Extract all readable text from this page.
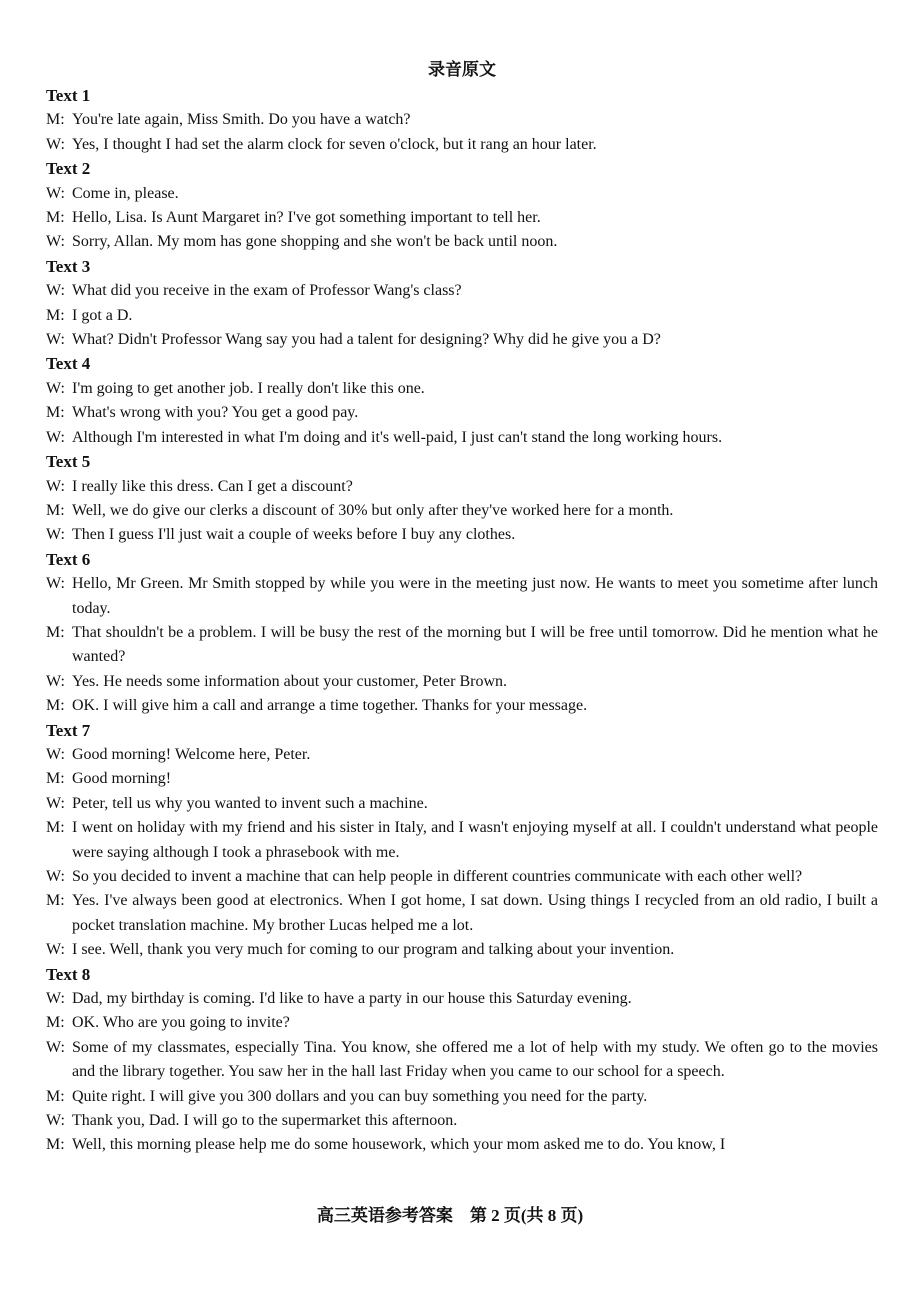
录音原文
Text 1
M: You're late again, Miss Smith. Do you have a watch?
W: Yes, I thought I had set the alarm clock for seven o'clock, but it rang an hour later.
Text 2
W: Come in, please.
M: Hello, Lisa. Is Aunt Margaret in? I've got something important to tell her.
W: Sorry, Allan. My mom has gone shopping and she won't be back until noon.
Text 3
W: What did you receive in the exam of Professor Wang's class?
M: I got a D.
W: What? Didn't Professor Wang say you had a talent for designing? Why did he give you a D?
Text 4
W: I'm going to get another job. I really don't like this one.
M: What's wrong with you? You get a good pay.
W: Although I'm interested in what I'm doing and it's well-paid, I just can't stand the long working hours.
Text 5
W: I really like this dress. Can I get a discount?
M: Well, we do give our clerks a discount of 30% but only after they've worked here for a month.
W: Then I guess I'll just wait a couple of weeks before I buy any clothes.
Text 6
W: Hello, Mr Green. Mr Smith stopped by while you were in the meeting just now. He wants to meet you sometime after lunch today.
M: That shouldn't be a problem. I will be busy the rest of the morning but I will be free until tomorrow. Did he mention what he wanted?
W: Yes. He needs some information about your customer, Peter Brown.
M: OK. I will give him a call and arrange a time together. Thanks for your message.
Text 7
W: Good morning! Welcome here, Peter.
M: Good morning!
W: Peter, tell us why you wanted to invent such a machine.
M: I went on holiday with my friend and his sister in Italy, and I wasn't enjoying myself at all. I couldn't understand what people were saying although I took a phrasebook with me.
W: So you decided to invent a machine that can help people in different countries communicate with each other well?
M: Yes. I've always been good at electronics. When I got home, I sat down. Using things I recycled from an old radio, I built a pocket translation machine. My brother Lucas helped me a lot.
W: I see. Well, thank you very much for coming to our program and talking about your invention.
Text 8
W: Dad, my birthday is coming. I'd like to have a party in our house this Saturday evening.
M: OK. Who are you going to invite?
W: Some of my classmates, especially Tina. You know, she offered me a lot of help with my study. We often go to the movies and the library together. You saw her in the hall last Friday when you came to our school for a speech.
M: Quite right. I will give you 300 dollars and you can buy something you need for the party.
W: Thank you, Dad. I will go to the supermarket this afternoon.
M: Well, this morning please help me do some housework, which your mom asked me to do. You know, I
高三英语参考答案　第 2 页(共 8 页)
